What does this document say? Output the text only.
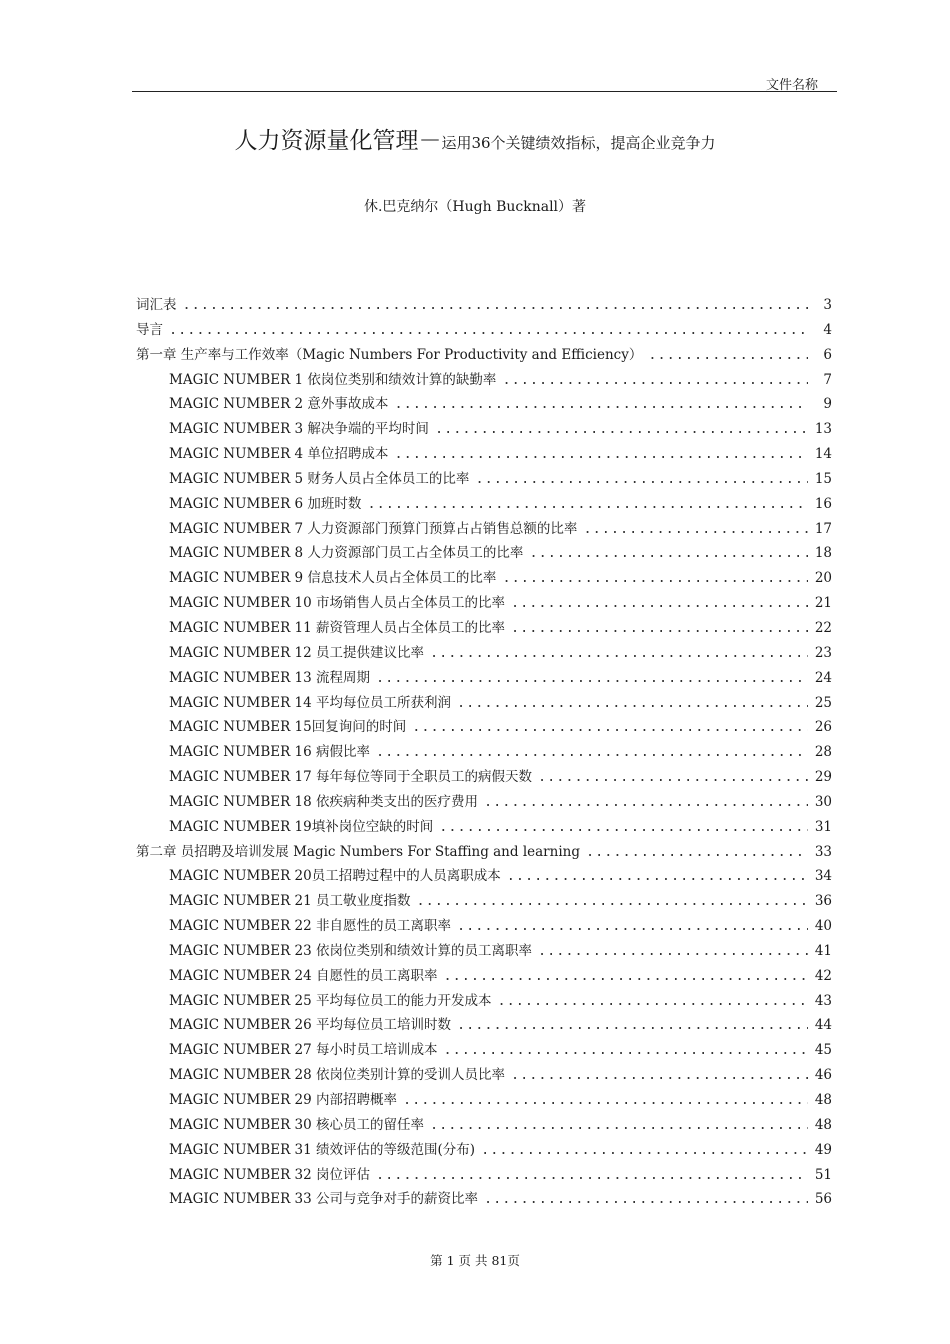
文件名称
人力资源量化管理－运用36个关键绩效指标，提高企业竞争力
休.巴克纳尔（Hugh Bucknall）著
词汇表 .....	3
导言 .....	4
第一章 生产率与工作效率（Magic Numbers For Productivity and Efficiency） .....	6
MAGIC NUMBER 1 依岗位类别和绩效计算的缺勤率 .....	7
MAGIC NUMBER 2 意外事故成本 .....	9
MAGIC NUMBER 3 解决争端的平均时间 .....	13
MAGIC NUMBER 4 单位招聘成本 .....	14
MAGIC NUMBER 5 财务人员占全体员工的比率 .....	15
MAGIC NUMBER 6 加班时数 .....	16
MAGIC NUMBER 7 人力资源部门预算门预算占占销售总额的比率 .....	17
MAGIC NUMBER 8 人力资源部门员工占全体员工的比率 .....	18
MAGIC NUMBER 9 信息技术人员占全体员工的比率 .....	20
MAGIC NUMBER 10 市场销售人员占全体员工的比率 .....	21
MAGIC NUMBER 11 薪资管理人员占全体员工的比率 .....	22
MAGIC NUMBER 12 员工提供建议比率 .....	23
MAGIC NUMBER 13 流程周期 .....	24
MAGIC NUMBER 14 平均每位员工所获利润 .....	25
MAGIC NUMBER 15回复询问的时间 .....	26
MAGIC NUMBER 16 病假比率 .....	28
MAGIC NUMBER 17 每年每位等同于全职员工的病假天数 .....	29
MAGIC NUMBER 18 依疾病种类支出的医疗费用 .....	30
MAGIC NUMBER 19填补岗位空缺的时间 .....	31
第二章 员招聘及培训发展 Magic Numbers For Staffing and learning .....	33
MAGIC NUMBER 20员工招聘过程中的人员离职成本 .....	34
MAGIC NUMBER 21 员工敬业度指数 .....	36
MAGIC NUMBER 22 非自愿性的员工离职率 .....	40
MAGIC NUMBER 23 依岗位类别和绩效计算的员工离职率 .....	41
MAGIC NUMBER 24 自愿性的员工离职率 .....	42
MAGIC NUMBER 25 平均每位员工的能力开发成本 .....	43
MAGIC NUMBER 26 平均每位员工培训时数 .....	44
MAGIC NUMBER 27 每小时员工培训成本 .....	45
MAGIC NUMBER 28 依岗位类别计算的受训人员比率 .....	46
MAGIC NUMBER 29 内部招聘概率 .....	48
MAGIC NUMBER 30 核心员工的留任率 .....	48
MAGIC NUMBER 31 绩效评估的等级范围(分布) .....	49
MAGIC NUMBER 32 岗位评估 .....	51
MAGIC NUMBER 33 公司与竞争对手的薪资比率 .....	56
第 1 页 共 81页
